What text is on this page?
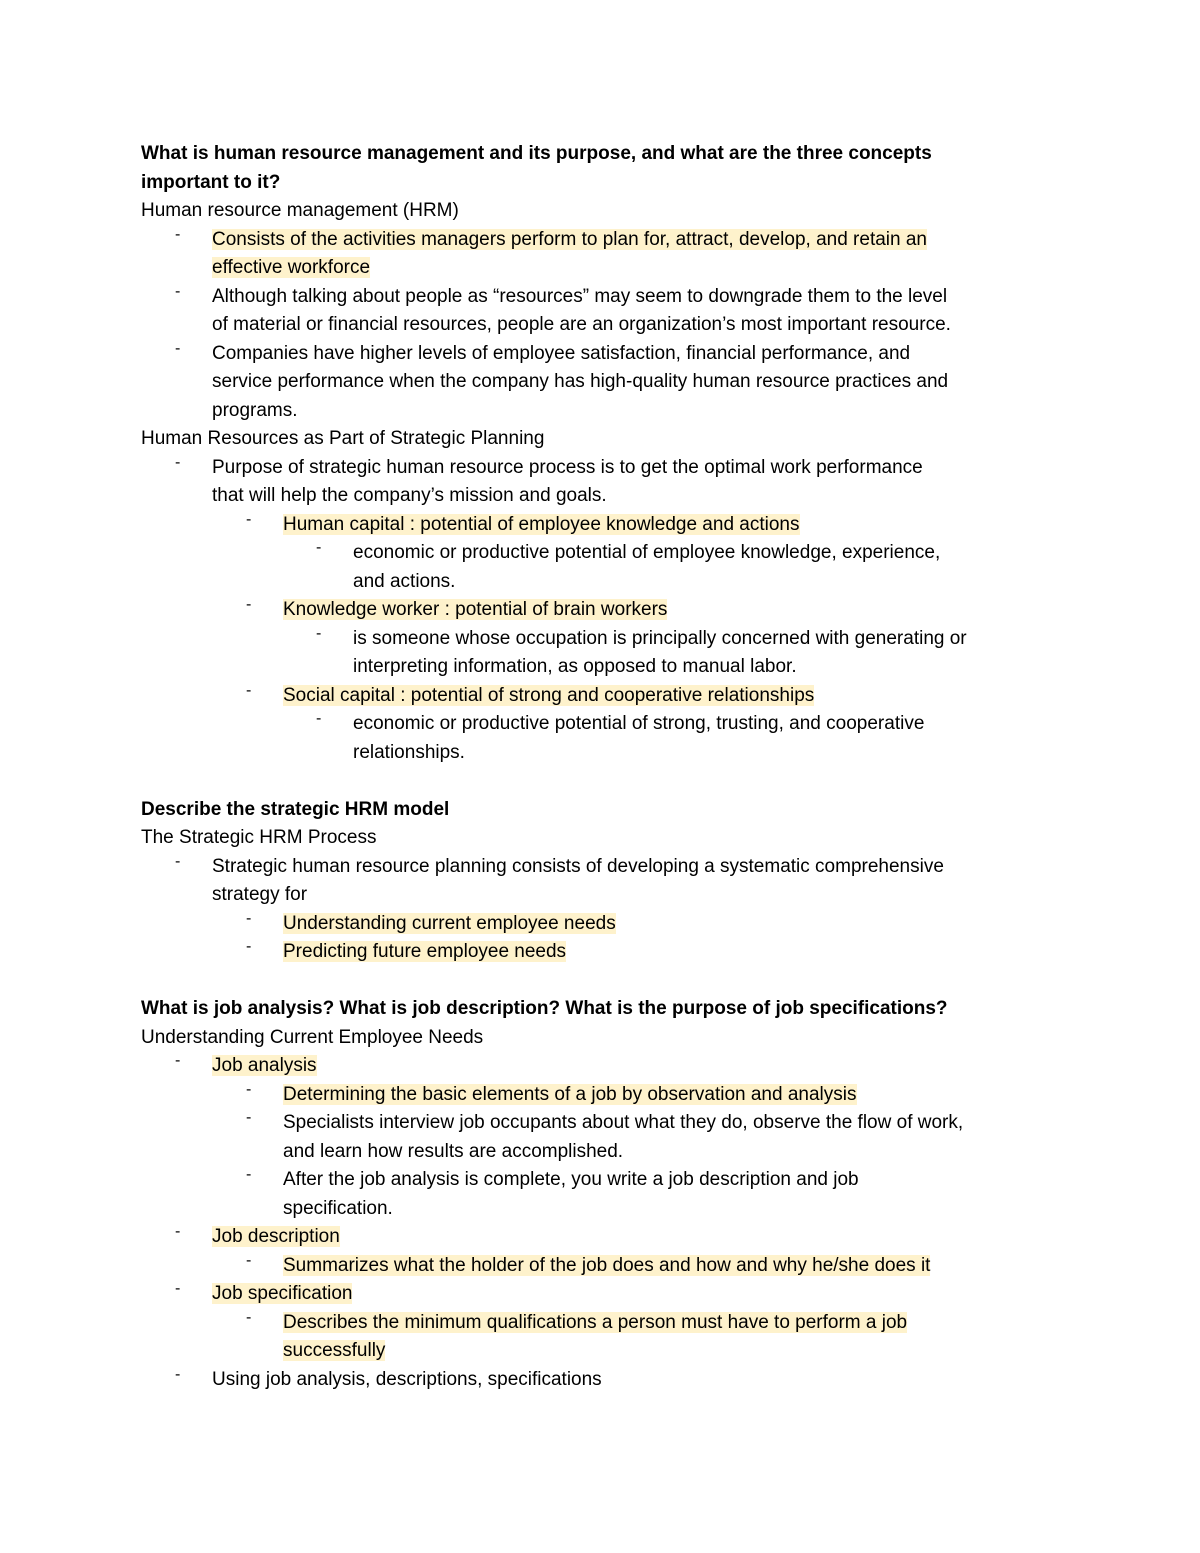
What is human resource management and its purpose, and what are the three concepts
important to it?
Human resource management (HRM)
- Consists of the activities managers perform to plan for, attract, develop, and retain an
effective workforce
- Although talking about people as “resources” may seem to downgrade them to the level
of material or financial resources, people are an organization’s most important resource.
- Companies have higher levels of employee satisfaction, financial performance, and
service performance when the company has high-quality human resource practices and
programs.
Human Resources as Part of Strategic Planning
- Purpose of strategic human resource process is to get the optimal work performance
that will help the company’s mission and goals.
- Human capital : potential of employee knowledge and actions
- economic or productive potential of employee knowledge, experience,
and actions.
- Knowledge worker : potential of brain workers
- is someone whose occupation is principally concerned with generating or
interpreting information, as opposed to manual labor.
- Social capital : potential of strong and cooperative relationships
- economic or productive potential of strong, trusting, and cooperative
relationships.
Describe the strategic HRM model
The Strategic HRM Process
- Strategic human resource planning consists of developing a systematic comprehensive
strategy for
- Understanding current employee needs
- Predicting future employee needs
What is job analysis? What is job description? What is the purpose of job specifications?
Understanding Current Employee Needs
- Job analysis
- Determining the basic elements of a job by observation and analysis
- Specialists interview job occupants about what they do, observe the flow of work,
and learn how results are accomplished.
- After the job analysis is complete, you write a job description and job
specification.
- Job description
- Summarizes what the holder of the job does and how and why he/she does it
- Job specification
- Describes the minimum qualifications a person must have to perform a job
successfully
- Using job analysis, descriptions, specifications
